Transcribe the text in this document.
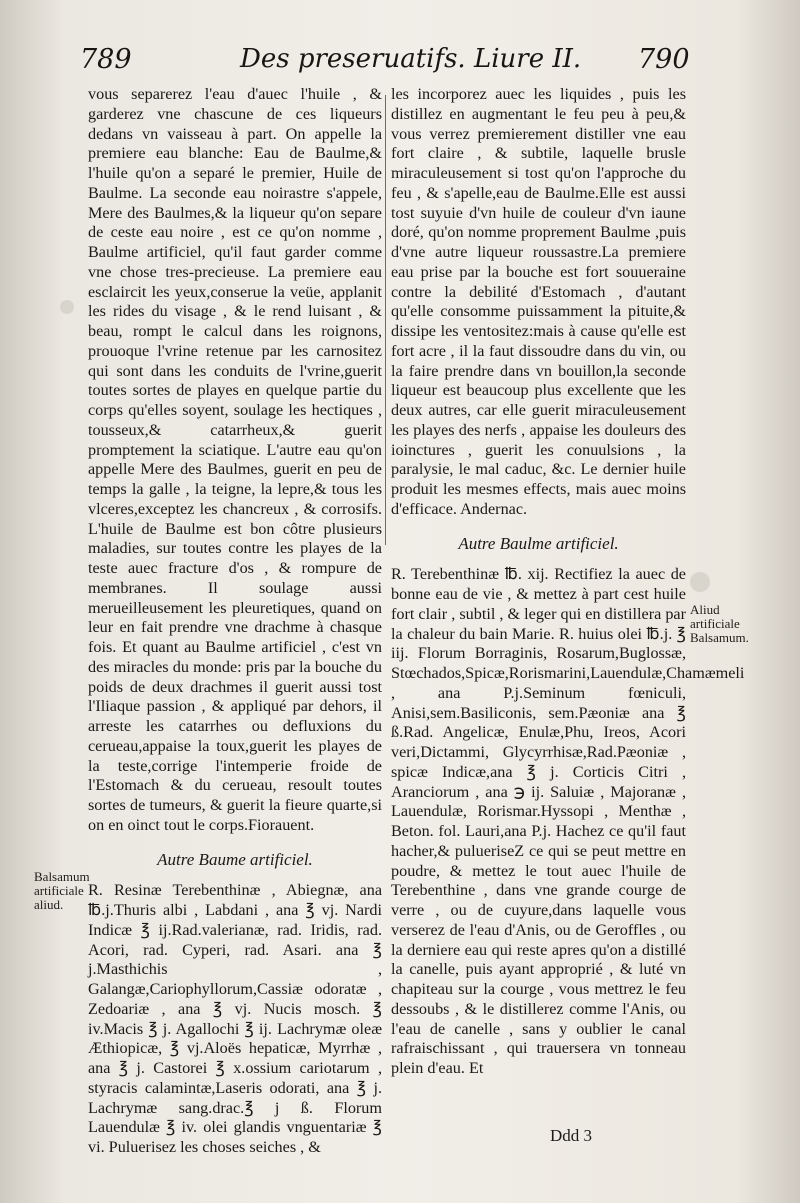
789	Des preseruatifs. Liure II. 790

vous separerez l'eau d'auec l'huile , & garderez vne chascune de ces liqueurs dedans vn vaisseau à part. On appelle la premiere eau blanche: Eau de Baulme,& l'huile qu'on a separé le premier, Huile de Baulme. La seconde eau noirastre s'appele, Mere des Baulmes,& la liqueur qu'on separe de ceste eau noire , est ce qu'on nomme , Baulme artificiel, qu'il faut garder comme vne chose tres-precieuse. La premiere eau esclaircit les yeux,conserue la veüe, applanit les rides du visage , & le rend luisant , & beau, rompt le calcul dans les roignons, prouoque l'vrine retenue par les carnositez qui sont dans les conduits de l'vrine,guerit toutes sortes de playes en quelque partie du corps qu'elles soyent, soulage les hectiques , tousseux,& catarrheux,& guerit promptement la sciatique. L'autre eau qu'on appelle Mere des Baulmes, guerit en peu de temps la galle , la teigne, la lepre,& tous les vlceres,exceptez les chancreux , & corrosifs. L'huile de Baulme est bon côtre plusieurs maladies, sur toutes contre les playes de la teste auec fracture d'os , & rompure de membranes. Il soulage aussi merueilleusement les pleuretiques, quand on leur en fait prendre vne drachme à chasque fois. Et quant au Baulme artificiel , c'est vn des miracles du monde: pris par la bouche du poids de deux drachmes il guerit aussi tost l'Iliaque passion , & appliqué par dehors, il arreste les catarrhes ou defluxions du cerueau,appaise la toux,guerit les playes de la teste,corrige l'intemperie froide de l'Estomach & du cerueau, resoult toutes sortes de tumeurs, & guerit la fieure quarte,si on en oinct tout le corps.Fiorauent.

Autre Baume artificiel.

R. Resinæ Terebenthinæ , Abiegnæ, ana ℔.j.Thuris albi , Labdani , ana ℥ vj. Nardi Indicæ ℥ ij.Rad.valerianæ, rad. Iridis, rad. Acori, rad. Cyperi, rad. Asari. ana ℥ j.Masthichis , Galangæ,Cariophyllorum,Cassiæ odoratæ , Zedoariæ , ana ℥ vj. Nucis mosch. ℥ iv.Macis ℥ j. Agallochi ℥ ij. Lachrymæ oleæ Æthiopicæ, ℥ vj.Aloës hepaticæ, Myrrhæ , ana ℥ j. Castorei ℥ x.ossium cariotarum , styracis calamintæ,Laseris odorati, ana ℥ j. Lachrymæ sang.drac.℥ j ß. Florum Lauendulæ ℥ iv. olei glandis vnguentariæ ℥ vi. Puluerisez les choses seiches , &

les incorporez auec les liquides , puis les distillez en augmentant le feu peu à peu,& vous verrez premierement distiller vne eau fort claire , & subtile, laquelle brusle miraculeusement si tost qu'on l'approche du feu , & s'apelle,eau de Baulme.Elle est aussi tost suyuie d'vn huile de couleur d'vn iaune doré, qu'on nomme proprement Baulme ,puis d'vne autre liqueur roussastre.La premiere eau prise par la bouche est fort souueraine contre la debilité d'Estomach , d'autant qu'elle consomme puissamment la pituite,& dissipe les ventositez:mais à cause qu'elle est fort acre , il la faut dissoudre dans du vin, ou la faire prendre dans vn bouillon,la seconde liqueur est beaucoup plus excellente que les deux autres, car elle guerit miraculeusement les playes des nerfs , appaise les douleurs des ioinctures , guerit les conuulsions , la paralysie, le mal caduc, &c. Le dernier huile produit les mesmes effects, mais auec moins d'efficace. Andernac.

Autre Baulme artificiel.

R. Terebenthinæ ℔. xij. Rectifiez la auec de bonne eau de vie , & mettez à part cest huile fort clair , subtil , & leger qui en distillera par la chaleur du bain Marie. R. huius olei ℔.j. ℥ iij. Florum Borraginis, Rosarum,Buglossæ, Stœchados,Spicæ,Rorismarini,Lauendulæ,Chamæmeli , ana P.j.Seminum fœniculi, Anisi,sem.Basiliconis, sem.Pæoniæ ana ℥ ß.Rad. Angelicæ, Enulæ,Phu, Ireos, Acori veri,Dictammi, Glycyrrhisæ,Rad.Pæoniæ , spicæ Indicæ,ana ℥ j. Corticis Citri , Aranciorum , ana ℈ ij. Saluiæ , Majoranæ , Lauendulæ, Rorismar.Hyssopi , Menthæ , Beton. fol. Lauri,ana P.j. Hachez ce qu'il faut hacher,& pulueriseZ ce qui se peut mettre en poudre, & mettez le tout auec l'huile de Terebenthine , dans vne grande courge de verre , ou de cuyure,dans laquelle vous verserez de l'eau d'Anis, ou de Geroffles , ou la derniere eau qui reste apres qu'on a distillé la canelle, puis ayant approprié , & luté vn chapiteau sur la courge , vous mettrez le feu dessoubs , & le distillerez comme l'Anis, ou l'eau de canelle , sans y oublier le canal rafraischissant , qui trauersera vn tonneau plein d'eau. Et

Balsamum artificiale aliud.
Aliud artificiale Balsamum.
Ddd 3
